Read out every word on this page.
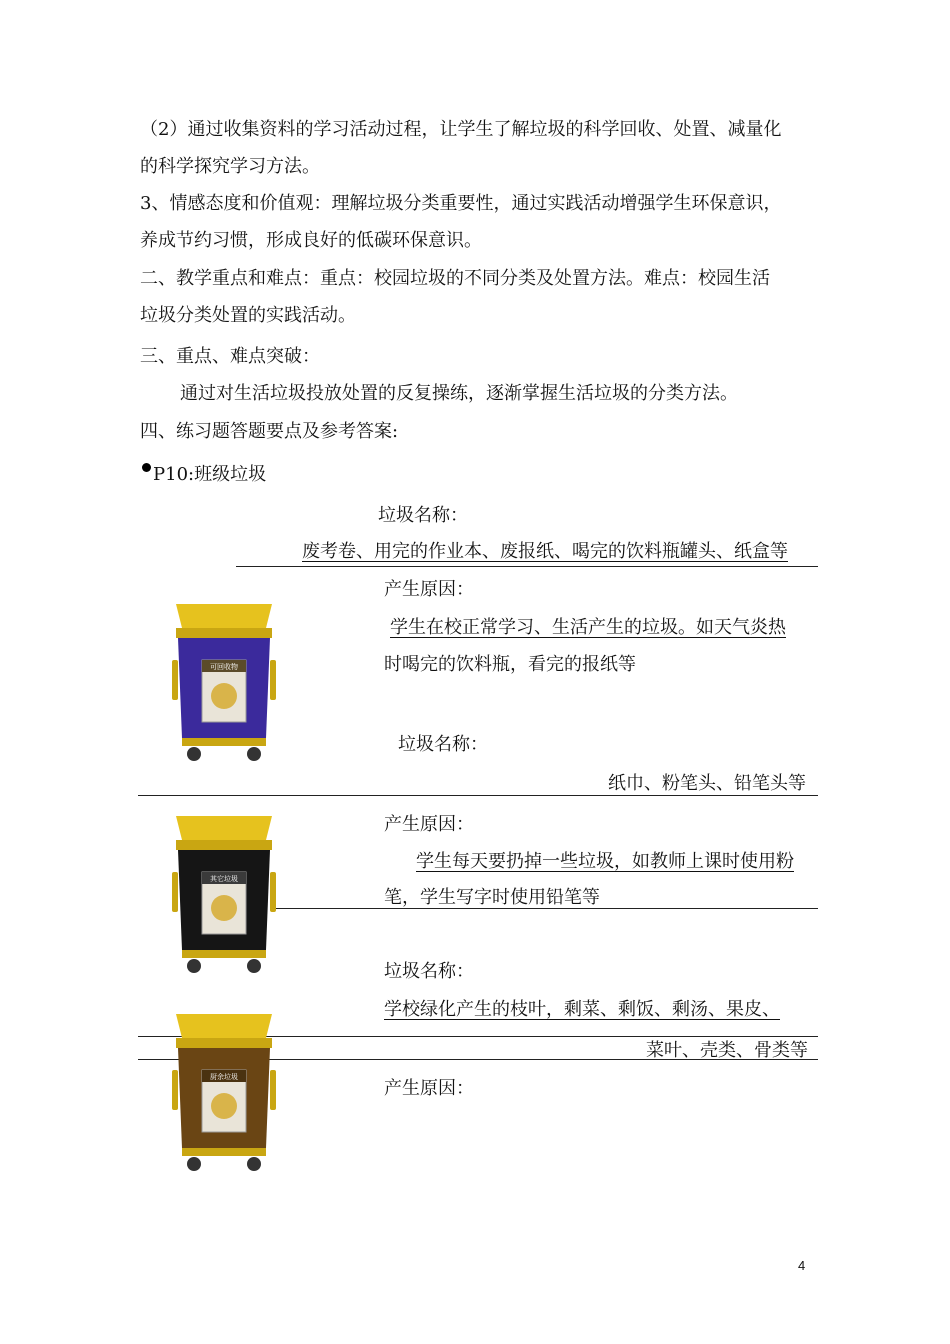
（2）通过收集资料的学习活动过程，让学生了解垃圾的科学回收、处置、减量化
的科学探究学习方法。
3、情感态度和价值观：理解垃圾分类重要性，通过实践活动增强学生环保意识，
养成节约习惯，形成良好的低碳环保意识。
二、教学重点和难点：重点：校园垃圾的不同分类及处置方法。难点：校园生活
垃圾分类处置的实践活动。
三、重点、难点突破：
通过对生活垃圾投放处置的反复操练，逐渐掌握生活垃圾的分类方法。
四、练习题答题要点及参考答案:
P10:班级垃圾
垃圾名称：
废考卷、用完的作业本、废报纸、喝完的饮料瓶罐头、纸盒等
产生原因：
学生在校正常学习、生活产生的垃圾。如天气炎热
时喝完的饮料瓶，看完的报纸等
垃圾名称：
纸巾、粉笔头、铅笔头等
产生原因：
学生每天要扔掉一些垃圾，如教师上课时使用粉
笔，学生写字时使用铅笔等
垃圾名称：
学校绿化产生的枝叶，剩菜、剩饭、剩汤、果皮、
菜叶、壳类、骨类等
产生原因：
可回收物
其它垃圾
厨余垃圾
4
